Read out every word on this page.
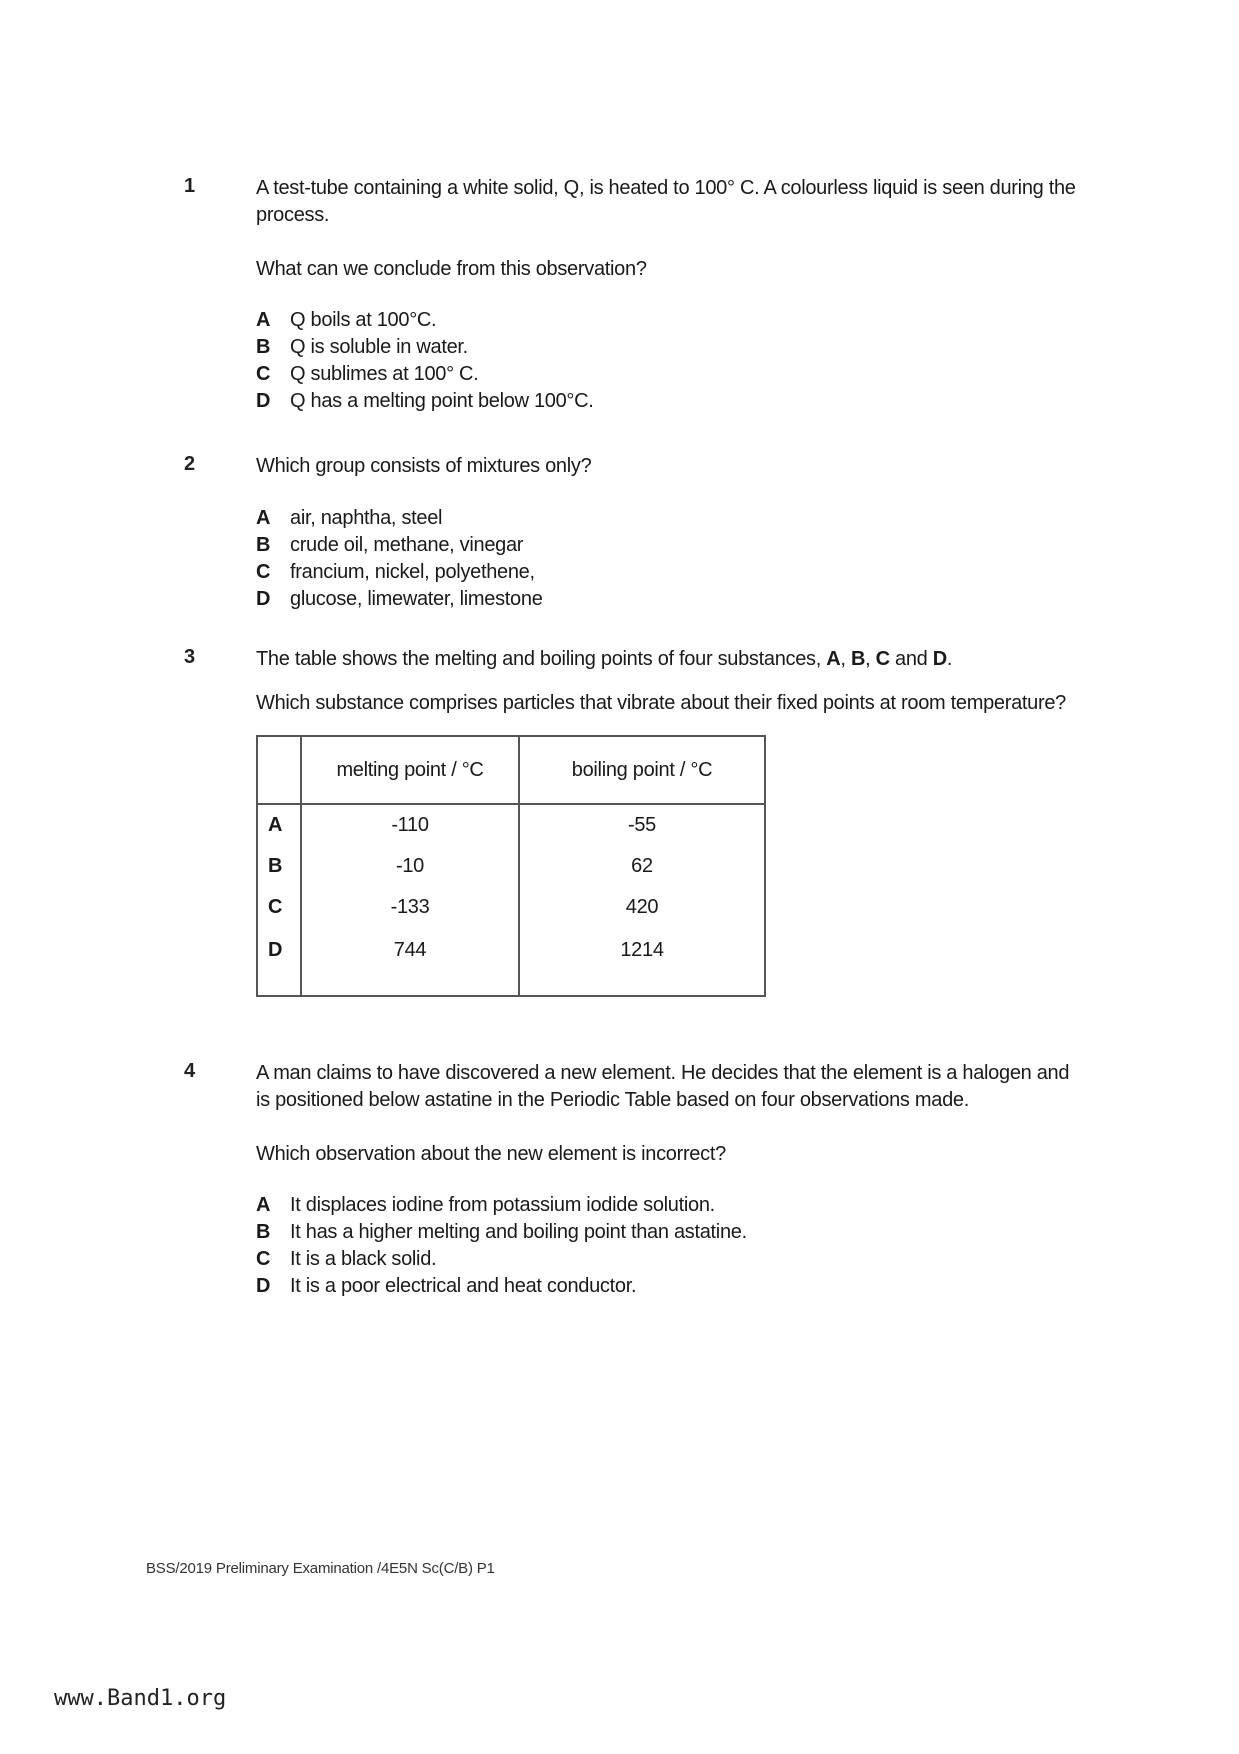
1	A test-tube containing a white solid, Q, is heated to 100° C. A colourless liquid is seen during the process.

What can we conclude from this observation?

A Q boils at 100°C.
B Q is soluble in water.
C Q sublimes at 100° C.
D Q has a melting point below 100°C.
2	Which group consists of mixtures only?

A air, naphtha, steel
B crude oil, methane, vinegar
C francium, nickel, polyethene,
D glucose, limewater, limestone
3	The table shows the melting and boiling points of four substances, A, B, C and D.

Which substance comprises particles that vibrate about their fixed points at room temperature?

	melting point / °C	boiling point / °C
A	-110	-55
B	-10	62
C	-133	420
D	744	1214
4	A man claims to have discovered a new element. He decides that the element is a halogen and is positioned below astatine in the Periodic Table based on four observations made.

Which observation about the new element is incorrect?

A It displaces iodine from potassium iodide solution.
B It has a higher melting and boiling point than astatine.
C It is a black solid.
D It is a poor electrical and heat conductor.
BSS/2019 Preliminary Examination /4E5N Sc(C/B) P1
www.Band1.org
